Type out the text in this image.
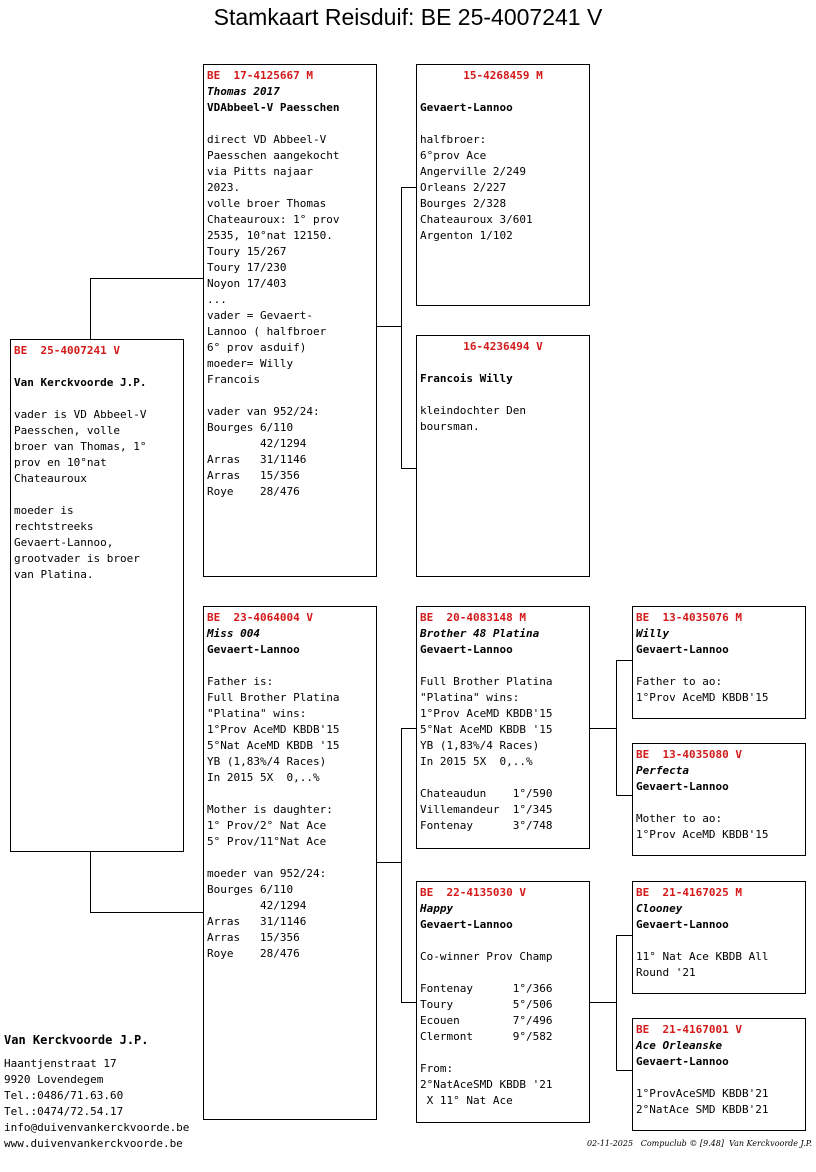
Stamkaart Reisduif: BE 25-4007241 V
BE  25-4007241 V
Van Kerckvoorde J.P.
vader is VD Abbeel-V
Paesschen, volle
broer van Thomas, 1°
prov en 10°nat
Chateauroux

moeder is
rechtstreeks
Gevaert-Lannoo,
grootvader is broer
van Platina.
BE  17-4125667 M
Thomas 2017
VDAbbeel-V Paesschen
direct VD Abbeel-V
Paesschen aangekocht
via Pitts najaar
2023.
volle broer Thomas
Chateauroux: 1° prov
2535, 10°nat 12150.
Toury 15/267
Toury 17/230
Noyon 17/403
...
vader = Gevaert-
Lannoo ( halfbroer
6° prov asduif)
moeder= Willy
Francois

vader van 952/24:
Bourges 6/110
42/1294
Arras   31/1146
Arras   15/356
Roye    28/476
BE  23-4064004 V
Miss 004
Gevaert-Lannoo
Father is:
Full Brother Platina
"Platina" wins:
1°Prov AceMD KBDB'15
5°Nat AceMD KBDB '15
YB (1,83%/4 Races)
In 2015 5X  0,..%

Mother is daughter:
1° Prov/2° Nat Ace
5° Prov/11°Nat Ace

moeder van 952/24:
Bourges 6/110
42/1294
Arras   31/1146
Arras   15/356
Roye    28/476
15-4268459 M
Gevaert-Lannoo
halfbroer:
6°prov Ace
Angerville 2/249
Orleans 2/227
Bourges 2/328
Chateauroux 3/601
Argenton 1/102
16-4236494 V
Francois Willy
kleindochter Den
boursman.
BE  20-4083148 M
Brother 48 Platina
Gevaert-Lannoo
Full Brother Platina
"Platina" wins:
1°Prov AceMD KBDB'15
5°Nat AceMD KBDB '15
YB (1,83%/4 Races)
In 2015 5X  0,..%

Chateaudun    1°/590
Villemandeur  1°/345
Fontenay      3°/748
BE  22-4135030 V
Happy
Gevaert-Lannoo
Co-winner Prov Champ

Fontenay      1°/366
Toury         5°/506
Ecouen        7°/496
Clermont      9°/582

From:
2°NatAceSMD KBDB '21
X 11° Nat Ace
BE  13-4035076 M
Willy
Gevaert-Lannoo
Father to ao:
1°Prov AceMD KBDB'15
BE  13-4035080 V
Perfecta
Gevaert-Lannoo
Mother to ao:
1°Prov AceMD KBDB'15
BE  21-4167025 M
Clooney
Gevaert-Lannoo
11° Nat Ace KBDB All
Round '21
BE  21-4167001 V
Ace Orleanske
Gevaert-Lannoo
1°ProvAceSMD KBDB'21
2°NatAce SMD KBDB'21
Van Kerckvoorde J.P.
Haantjenstraat 17
9920 Lovendegem
Tel.:0486/71.63.60
Tel.:0474/72.54.17
info@duivenvankerckvoorde.be
www.duivenvankerckvoorde.be	02-11-2025   Compuclub © [9.48]  Van Kerckvoorde J.P.
